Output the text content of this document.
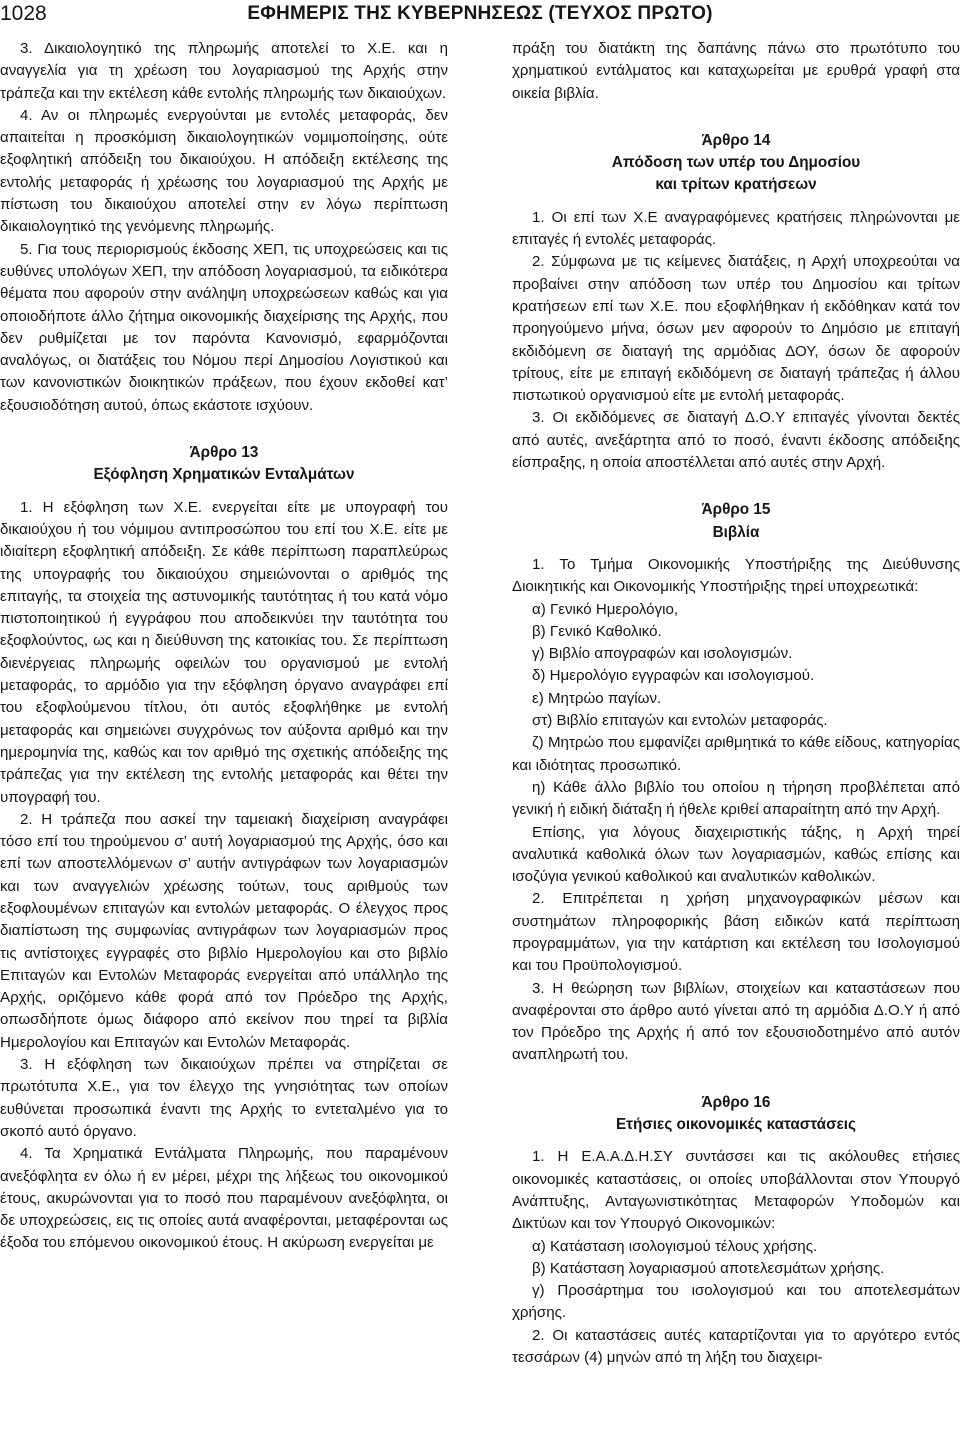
1028	ΕΦΗΜΕΡΙΣ ΤΗΣ ΚΥΒΕΡΝΗΣΕΩΣ (ΤΕΥΧΟΣ ΠΡΩΤΟ)

3. Δικαιολογητικό της πληρωμής αποτελεί το Χ.Ε. και η αναγγελία για τη χρέωση του λογαριασμού της Αρχής στην τράπεζα και την εκτέλεση κάθε εντολής πληρωμής των δικαιούχων.

4. Αν οι πληρωμές ενεργούνται με εντολές μεταφοράς, δεν απαιτείται η προσκόμιση δικαιολογητικών νομιμοποίησης, ούτε εξοφλητική απόδειξη του δικαιούχου. Η απόδειξη εκτέλεσης της εντολής μεταφοράς ή χρέωσης του λογαριασμού της Αρχής με πίστωση του δικαιούχου αποτελεί στην εν λόγω περίπτωση δικαιολογητικό της γενόμενης πληρωμής.

5. Για τους περιορισμούς έκδοσης ΧΕΠ, τις υποχρεώσεις και τις ευθύνες υπολόγων ΧΕΠ, την απόδοση λογαριασμού, τα ειδικότερα θέματα που αφορούν στην ανάληψη υποχρεώσεων καθώς και για οποιοδήποτε άλλο ζήτημα οικονομικής διαχείρισης της Αρχής, που δεν ρυθμίζεται με τον παρόντα Κανονισμό, εφαρμόζονται αναλόγως, οι διατάξεις του Νόμου περί Δημοσίου Λογιστικού και των κανονιστικών διοικητικών πράξεων, που έχουν εκδοθεί κατ’ εξουσιοδότηση αυτού, όπως εκάστοτε ισχύουν.

Άρθρο 13

Εξόφληση Χρηματικών Ενταλμάτων

1. Η εξόφληση των Χ.Ε. ενεργείται είτε με υπογραφή του δικαιούχου ή του νόμιμου αντιπροσώπου του επί του Χ.Ε. είτε με ιδιαίτερη εξοφλητική απόδειξη. Σε κάθε περίπτωση παραπλεύρως της υπογραφής του δικαιούχου σημειώνονται ο αριθμός της επιταγής, τα στοιχεία της αστυνομικής ταυτότητας ή του κατά νόμο πιστοποιητικού ή εγγράφου που αποδεικνύει την ταυτότητα του εξοφλούντος, ως και η διεύθυνση της κατοικίας του. Σε περίπτωση διενέργειας πληρωμής οφειλών του οργανισμού με εντολή μεταφοράς, το αρμόδιο για την εξόφληση όργανο αναγράφει επί του εξοφλούμενου τίτλου, ότι αυτός εξοφλήθηκε με εντολή μεταφοράς και σημειώνει συγχρόνως τον αύξοντα αριθμό και την ημερομηνία της, καθώς και τον αριθμό της σχετικής απόδειξης της τράπεζας για την εκτέλεση της εντολής μεταφοράς και θέτει την υπογραφή του.

2. Η τράπεζα που ασκεί την ταμειακή διαχείριση αναγράφει τόσο επί του τηρούμενου σ’ αυτή λογαριασμού της Αρχής, όσο και επί των αποστελλόμενων σ’ αυτήν αντιγράφων των λογαριασμών και των αναγγελιών χρέωσης τούτων, τους αριθμούς των εξοφλουμένων επιταγών και εντολών μεταφοράς. Ο έλεγχος προς διαπίστωση της συμφωνίας αντιγράφων των λογαριασμών προς τις αντίστοιχες εγγραφές στο βιβλίο Ημερολογίου και στο βιβλίο Επιταγών και Εντολών Μεταφοράς ενεργείται από υπάλληλο της Αρχής, οριζόμενο κάθε φορά από τον Πρόεδρο της Αρχής, οπωσδήποτε όμως διάφορο από εκείνον που τηρεί τα βιβλία Ημερολογίου και Επιταγών και Εντολών Μεταφοράς.

3. Η εξόφληση των δικαιούχων πρέπει να στηρίζεται σε πρωτότυπα Χ.Ε., για τον έλεγχο της γνησιότητας των οποίων ευθύνεται προσωπικά έναντι της Αρχής το εντεταλμένο για το σκοπό αυτό όργανο.

4. Τα Χρηματικά Εντάλματα Πληρωμής, που παραμένουν ανεξόφλητα εν όλω ή εν μέρει, μέχρι της λήξεως του οικονομικού έτους, ακυρώνονται για το ποσό που παραμένουν ανεξόφλητα, οι δε υποχρεώσεις, εις τις οποίες αυτά αναφέρονται, μεταφέρονται ως έξοδα του επόμενου οικονομικού έτους. Η ακύρωση ενεργείται με

πράξη του διατάκτη της δαπάνης πάνω στο πρωτότυπο του χρηματικού εντάλματος και καταχωρείται με ερυθρά γραφή στα οικεία βιβλία.

Άρθρο 14

Απόδοση των υπέρ του Δημοσίου

και τρίτων κρατήσεων

1. Οι επί των Χ.Ε αναγραφόμενες κρατήσεις πληρώνονται με επιταγές ή εντολές μεταφοράς.

2. Σύμφωνα με τις κείμενες διατάξεις, η Αρχή υποχρεούται να προβαίνει στην απόδοση των υπέρ του Δημοσίου και τρίτων κρατήσεων επί των Χ.Ε. που εξοφλήθηκαν ή εκδόθηκαν κατά τον προηγούμενο μήνα, όσων μεν αφορούν το Δημόσιο με επιταγή εκδιδόμενη σε διαταγή της αρμόδιας ΔΟΥ, όσων δε αφορούν τρίτους, είτε με επιταγή εκδιδόμενη σε διαταγή τράπεζας ή άλλου πιστωτικού οργανισμού είτε με εντολή μεταφοράς.

3. Οι εκδιδόμενες σε διαταγή Δ.Ο.Υ επιταγές γίνονται δεκτές από αυτές, ανεξάρτητα από το ποσό, έναντι έκδοσης απόδειξης είσπραξης, η οποία αποστέλλεται από αυτές στην Αρχή.

Άρθρο 15

Βιβλία

1. Το Τμήμα Οικονομικής Υποστήριξης της Διεύθυνσης Διοικητικής και Οικονομικής Υποστήριξης τηρεί υποχρεωτικά:

α) Γενικό Ημερολόγιο,

β) Γενικό Καθολικό.

γ) Βιβλίο απογραφών και ισολογισμών.

δ) Ημερολόγιο εγγραφών και ισολογισμού.

ε) Μητρώο παγίων.

στ) Βιβλίο επιταγών και εντολών μεταφοράς.

ζ) Μητρώο που εμφανίζει αριθμητικά το κάθε είδους, κατηγορίας και ιδιότητας προσωπικό.

η) Κάθε άλλο βιβλίο του οποίου η τήρηση προβλέπεται από γενική ή ειδική διάταξη ή ήθελε κριθεί απαραίτητη από την Αρχή.

Επίσης, για λόγους διαχειριστικής τάξης, η Αρχή τηρεί αναλυτικά καθολικά όλων των λογαριασμών, καθώς επίσης και ισοζύγια γενικού καθολικού και αναλυτικών καθολικών.

2. Επιτρέπεται η χρήση μηχανογραφικών μέσων και συστημάτων πληροφορικής βάση ειδικών κατά περίπτωση προγραμμάτων, για την κατάρτιση και εκτέλεση του Ισολογισμού και του Προϋπολογισμού.

3. Η θεώρηση των βιβλίων, στοιχείων και καταστάσεων που αναφέρονται στο άρθρο αυτό γίνεται από τη αρμόδια Δ.Ο.Υ ή από τον Πρόεδρο της Αρχής ή από τον εξουσιοδοτημένο από αυτόν αναπληρωτή του.

Άρθρο 16

Ετήσιες οικονομικές καταστάσεις

1. Η Ε.Α.Α.Δ.Η.ΣΥ συντάσσει και τις ακόλουθες ετήσιες οικονομικές καταστάσεις, οι οποίες υποβάλλονται στον Υπουργό Ανάπτυξης, Ανταγωνιστικότητας Μεταφορών Υποδομών και Δικτύων και τον Υπουργό Οικονομικών:

α) Κατάσταση ισολογισμού τέλους χρήσης.

β) Κατάσταση λογαριασμού αποτελεσμάτων χρήσης.

γ) Προσάρτημα του ισολογισμού και του αποτελεσμάτων χρήσης.

2. Οι καταστάσεις αυτές καταρτίζονται για το αργότερο εντός τεσσάρων (4) μηνών από τη λήξη του διαχειρι-
